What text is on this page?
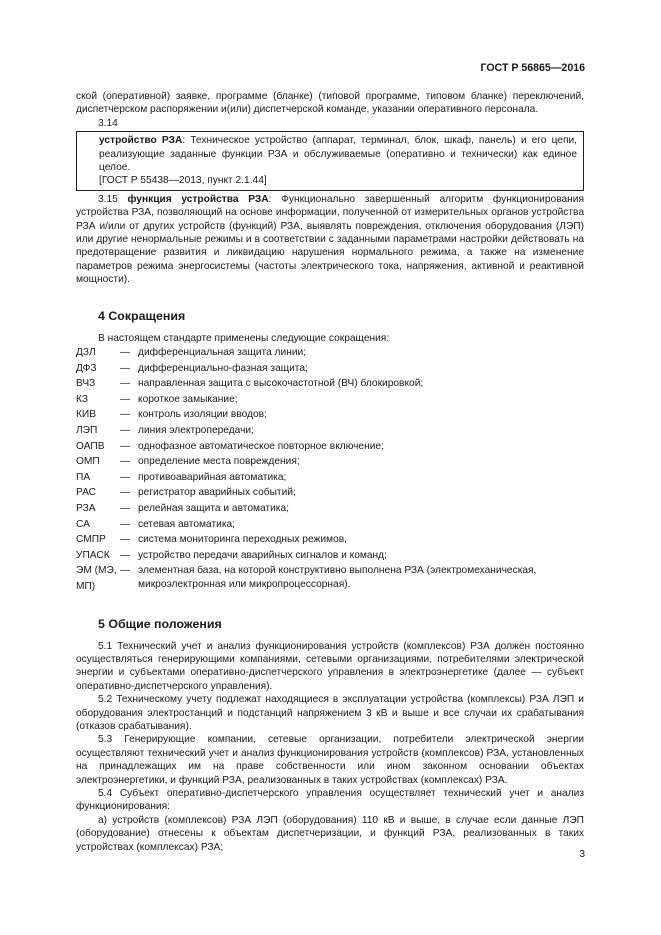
ГОСТ Р 56865—2016

ской (оперативной) заявке, программе (бланке) (типовой программе, типовом бланке) переключений, диспетчерском распоряжении и(или) диспетчерской команде, указании оперативного персонала.

3.14

устройство РЗА: Техническое устройство (аппарат, терминал, блок, шкаф, панель) и его цепи, реализующие заданные функции РЗА и обслуживаемые (оперативно и технически) как единое целое.

[ГОСТ Р 55438—2013, пункт 2.1.44]

3.15 функция устройства РЗА: Функционально завершенный алгоритм функционирования устройства РЗА, позволяющий на основе информации, полученной от измерительных органов устройства РЗА и/или от других устройств (функций) РЗА, выявлять повреждения, отключения оборудования (ЛЭП) или другие ненормальные режимы и в соответствии с заданными параметрами настройки действовать на предотвращение развития и ликвидацию нарушения нормального режима, а также на изменение параметров режима энергосистемы (частоты электрического тока, напряжения, активной и реактивной мощности).

4 Сокращения

В настоящем стандарте применены следующие сокращения:

ДЗЛ	— дифференциальная защита линии;
ДФЗ	— дифференциально-фазная защита;
ВЧЗ	— направленная защита с высокочастотной (ВЧ) блокировкой;
КЗ	— короткое замыкание;
КИВ	— контроль изоляции вводов;
ЛЭП	— линия электропередачи;
ОАПВ	— однофазное автоматическое повторное включение;
ОМП	— определение места повреждения;
ПА	— противоаварийная автоматика;
РАС	— регистратор аварийных событий;
РЗА	— релейная защита и автоматика;
СА	— сетевая автоматика;
СМПР	— система мониторинга переходных режимов,
УПАСК	— устройство передачи аварийных сигналов и команд;
ЭМ (МЭ, МП)
— элементная база, на которой конструктивно выполнена РЗА (электромеханическая, микроэлектронная или микропроцессорная).
5 Общие положения

5.1 Технический учет и анализ функционирования устройств (комплексов) РЗА должен постоянно осуществляться генерирующими компаниями, сетевыми организациями, потребителями электрической энергии и субъектами оперативно-диспетчерского управления в электроэнергетике (далее — субъект оперативно-диспетчерского управления).

5.2 Техническому учету подлежат находящиеся в эксплуатации устройства (комплексы) РЗА ЛЭП и оборудования электростанций и подстанций напряжением 3 кВ и выше и все случаи их срабатывания (отказов срабатывания).

5.3 Генерирующие компании, сетевые организации, потребители электрической энергии осуществляют технический учет и анализ функционирования устройств (комплексов) РЗА, установленных на принадлежащих им на праве собственности или ином законном основании объектах электроэнергетики, и функций РЗА, реализованных в таких устройствах (комплексах) РЗА.

5.4 Субъект оперативно-диспетчерского управления осуществляет технический учет и анализ функционирования:

а) устройств (комплексов) РЗА ЛЭП (оборудования) 110 кВ и выше, в случае если данные ЛЭП (оборудование) отнесены к объектам диспетчеризации, и функций РЗА, реализованных в таких устройствах (комплексах) РЗА;

3
